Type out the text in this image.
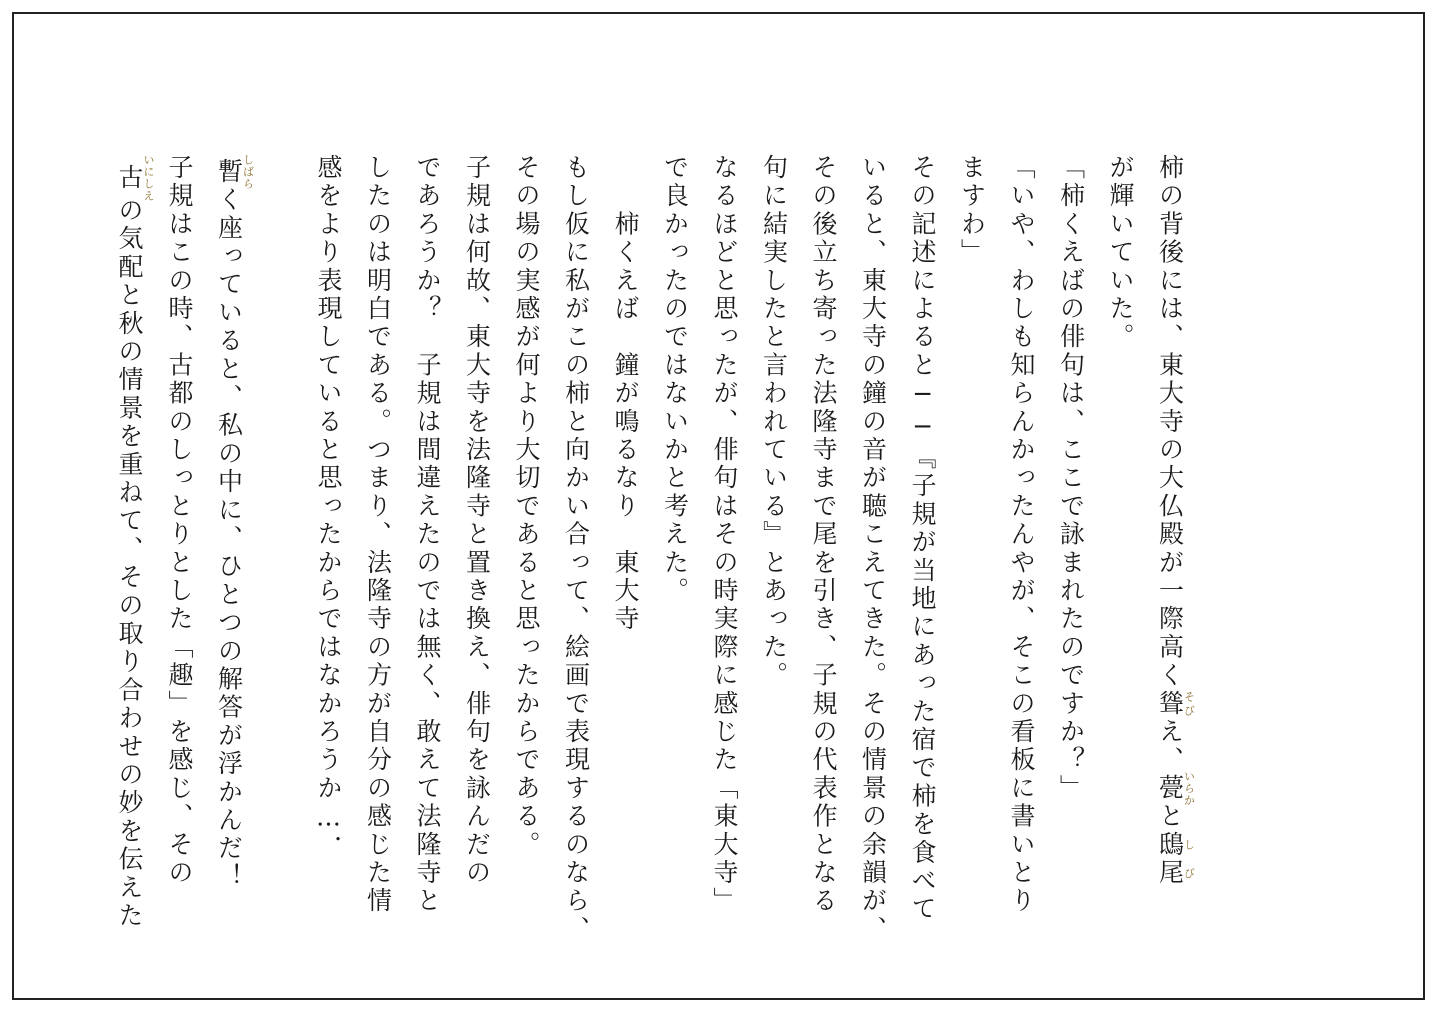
柿の背後には、東大寺の大仏殿が一際高く聳そびえ、甍いらかと鴟尾しび
が輝いていた。
「柿くえばの俳句は、ここで詠まれたのですか？」
「いや、わしも知らんかったんやが、そこの看板に書いとり
ますわ」
その記述によると──『子規が当地にあった宿で柿を食べて
いると、東大寺の鐘の音が聴こえてきた。その情景の余韻が、
その後立ち寄った法隆寺まで尾を引き、子規の代表作となる
句に結実したと言われている』とあった。
なるほどと思ったが、俳句はその時実際に感じた「東大寺」
で良かったのではないかと考えた。
　　柿くえば　鐘が鳴るなり　東大寺
もし仮に私がこの柿と向かい合って、絵画で表現するのなら、
その場の実感が何より大切であると思ったからである。
子規は何故、東大寺を法隆寺と置き換え、俳句を詠んだの
であろうか？　子規は間違えたのでは無く、敢えて法隆寺と
したのは明白である。つまり、法隆寺の方が自分の感じた情
感をより表現していると思ったからではなかろうか…．
暫しばらく座っていると、私の中に、ひとつの解答が浮かんだ！
子規はこの時、古都のしっとりとした「趣」を感じ、その
古いにしえの気配と秋の情景を重ねて、その取り合わせの妙を伝えた
